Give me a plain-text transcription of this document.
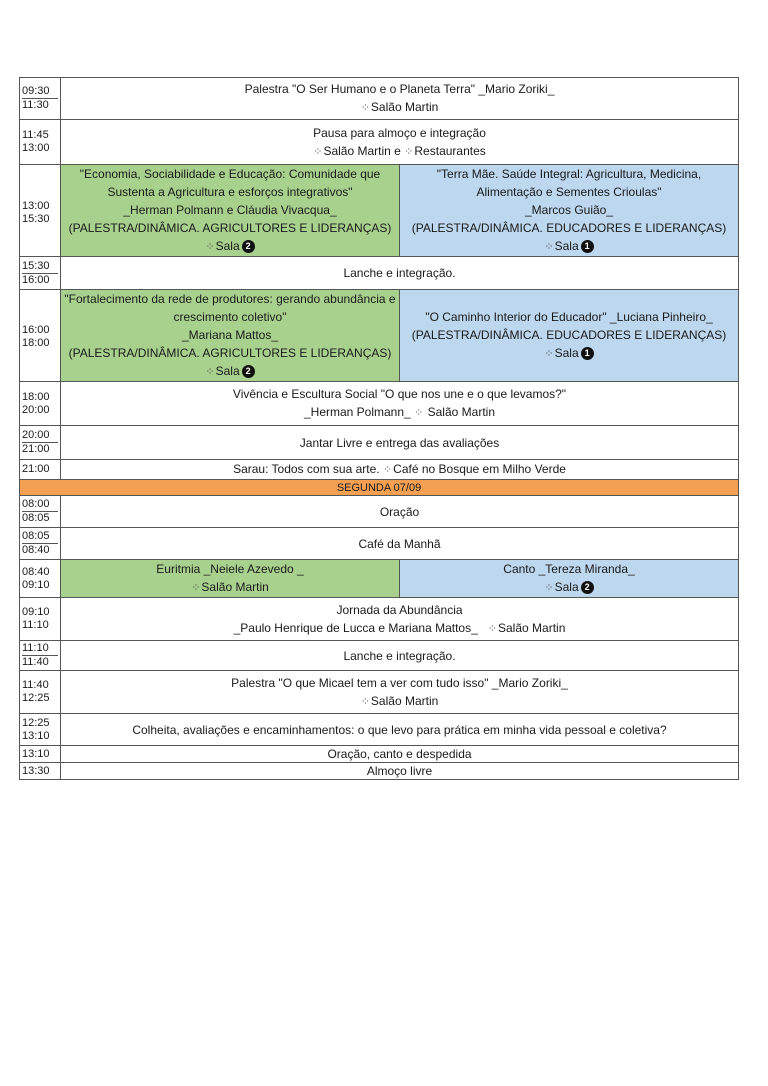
09:30
11:30	Palestra "O Ser Humano e o Planeta Terra" _Mario Zoriki_
⁘Salão Martin	

11:45
13:00	Pausa para almoço e integração
⁘Salão Martin e ⁘Restaurantes	

13:00
15:30	"Economia, Sociabilidade e Educação: Comunidade que
Sustenta a Agricultura e esforços integrativos"
_Herman Polmann e Cláudia Vivacqua_
(PALESTRA/DINÂMICA. AGRICULTORES E LIDERANÇAS)
⁘Sala 2	"Terra Mãe. Saúde Integral: Agricultura, Medicina,
Alimentação e Sementes Crioulas"
_Marcos Guião_
(PALESTRA/DINÂMICA. EDUCADORES E LIDERANÇAS)
⁘Sala 1

15:30
16:00	Lanche e integração.	

16:00
18:00	"Fortalecimento da rede de produtores: gerando abundância e
crescimento coletivo"
_Mariana Mattos_
(PALESTRA/DINÂMICA. AGRICULTORES E LIDERANÇAS)
⁘Sala 2	"O Caminho Interior do Educador" _Luciana Pinheiro_
(PALESTRA/DINÂMICA. EDUCADORES E LIDERANÇAS)
⁘Sala 1

18:00
20:00	Vivência e Escultura Social "O que nos une e o que levamos?"
_Herman Polmann_ ⁘ Salão Martin	

20:00
21:00	Jantar Livre e entrega das avaliações	

21:00	Sarau: Todos com sua arte. ⁘Café no Bosque em Milho Verde	
SEGUNDA 07/09		

08:00
08:05	Oração	

08:05
08:40	Café da Manhã	

08:40
09:10	Euritmia _Neiele Azevedo _
⁘Salão Martin	Canto _Tereza Miranda_
⁘Sala 2

09:10
11:10	Jornada da Abundância
_Paulo Henrique de Lucca e Mariana Mattos_ ⁘Salão Martin	

11:10
11:40	Lanche e integração.	

11:40
12:25	Palestra "O que Micael tem a ver com tudo isso" _Mario Zoriki_
⁘Salão Martin	

12:25
13:10	Colheita, avaliações e encaminhamentos: o que levo para prática em minha vida pessoal e coletiva?	

13:10	Oração, canto e despedida	

13:30	Almoço livre	
